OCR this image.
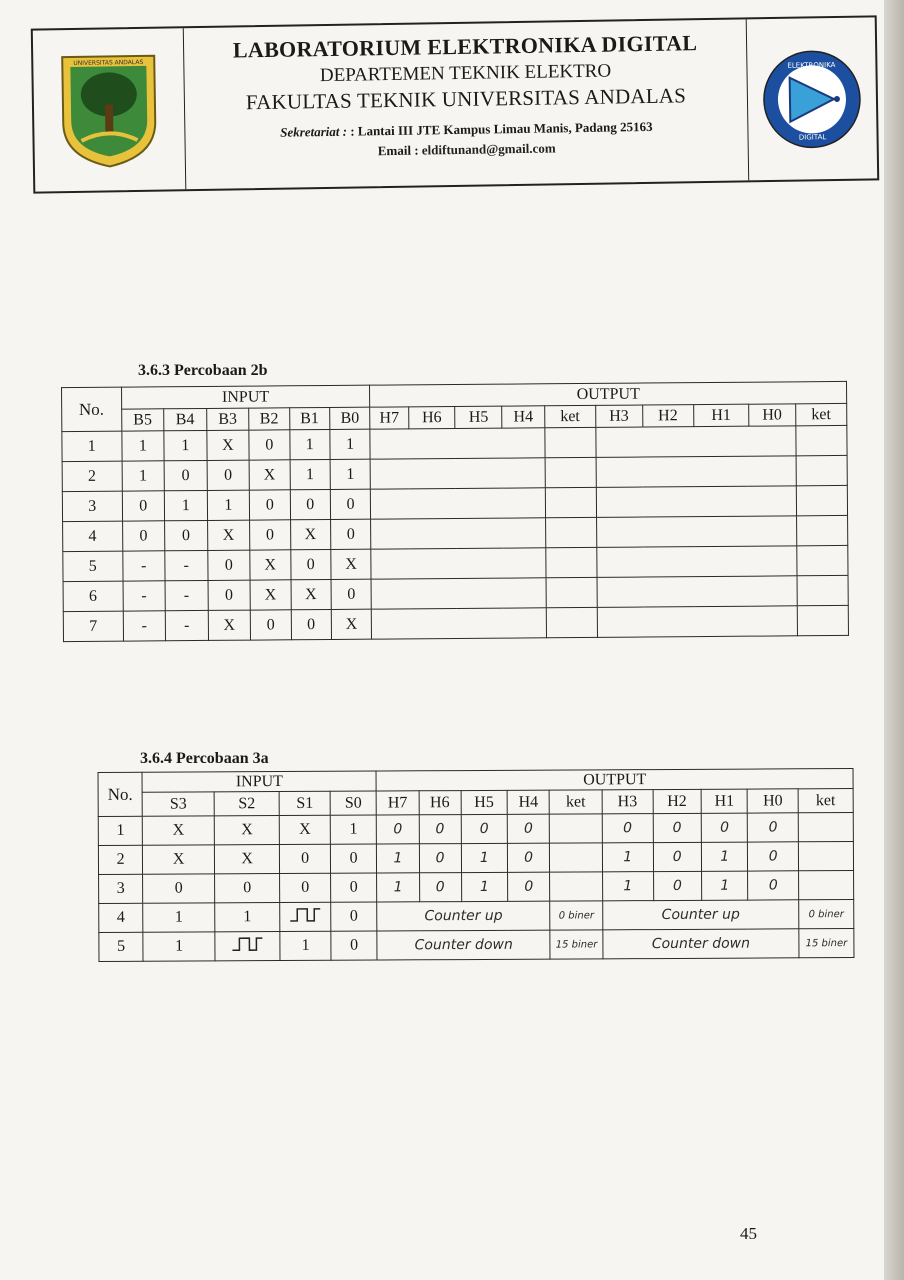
UNIVERSITAS ANDALAS	LABORATORIUM ELEKTRONIKA DIGITAL
DEPARTEMEN TEKNIK ELEKTRO
FAKULTAS TEKNIK UNIVERSITAS ANDALAS
Sekretariat : : Lantai III JTE Kampus Limau Manis, Padang 25163
Email : eldiftunand@gmail.com
ELEKTRONIKA
DIGITAL
3.6.3 Percobaan 2b
No.	INPUT						OUTPUT									
	B5	B4	B3	B2	B1	B0	H7	H6	H5	H4	ket	H3	H2	H1	H0	ket
1	1	1	X	0	1	1										
2	1	0	0	X	1	1										
3	0	1	1	0	0	0										
4	0	0	X	0	X	0										
5	-	-	0	X	0	X										
6	-	-	0	X	X	0										
7	-	-	X	0	0	X										
3.6.4 Percobaan 3a
No.	INPUT				OUTPUT									
	S3	S2	S1	S0	H7	H6	H5	H4	ket	H3	H2	H1	H0	ket
1	X	X	X	1	0	0	0	0		0	0	0	0	
2	X	X	0	0	1	0	1	0		1	0	1	0	
3	0	0	0	0	1	0	1	0		1	0	1	0	
4	1	1		0	Counter up				0 biner	Counter up				0 biner
5	1		1	0	Counter down				15 biner	Counter down				15 biner
45
